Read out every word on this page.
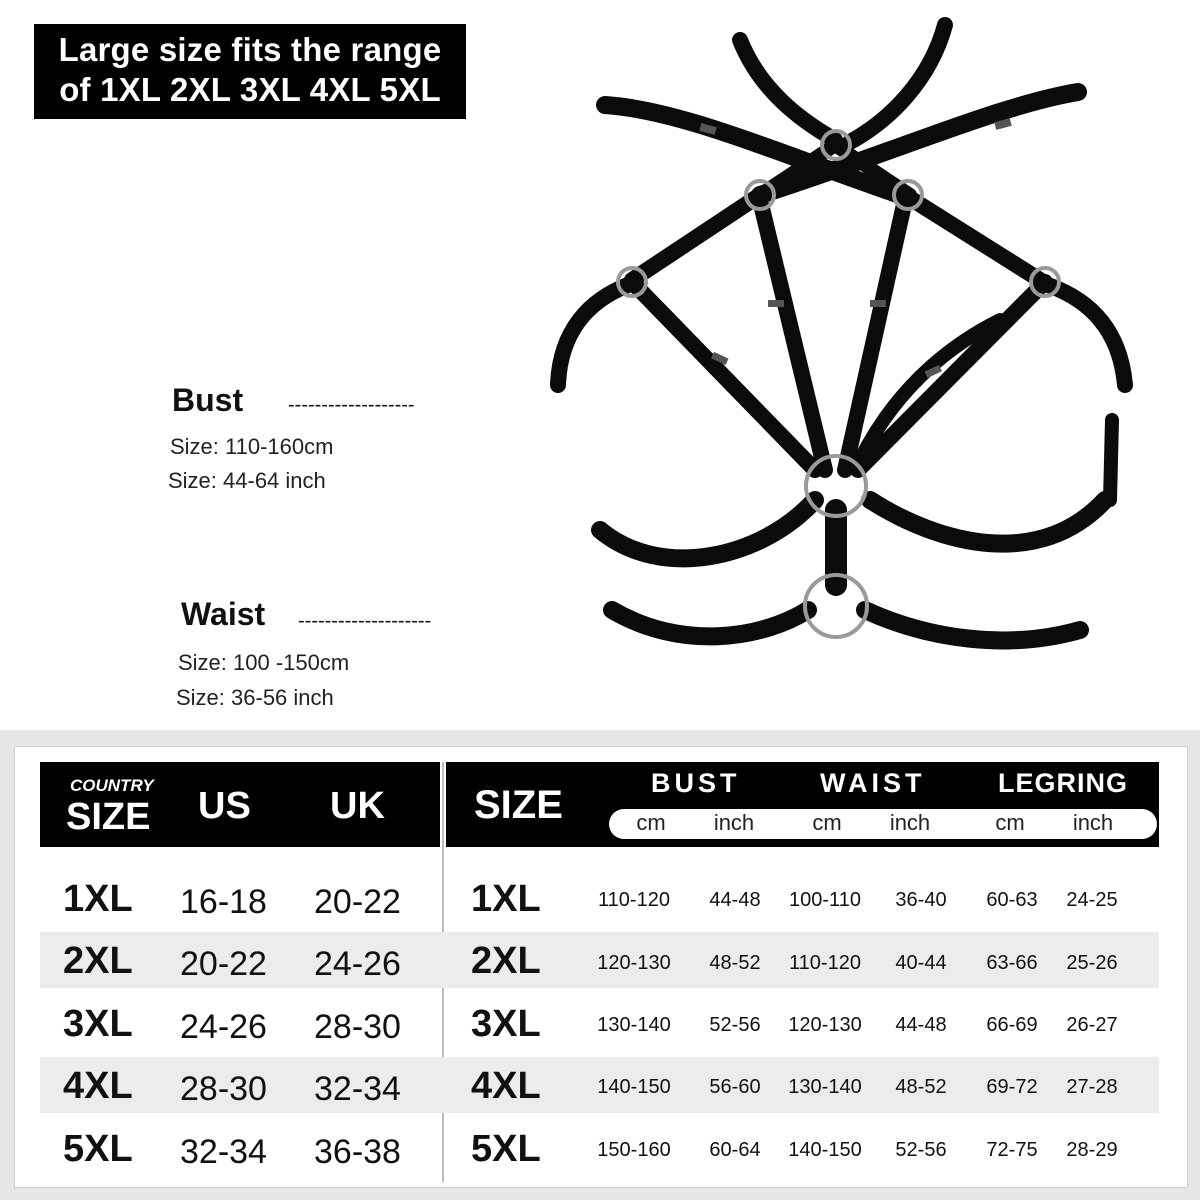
Large size fits the range
of 1XL 2XL 3XL 4XL 5XL
Bust -------------------
Size: 110-160cm
Size: 44-64 inch
Waist --------------------
Size: 100 -150cm
Size: 36-56 inch
COUNTRY
SIZE US UK SIZE	BUST	WAIST	LEGRING
cm	inch	cm	inch	cm	inch
1XL 16-18 20-22 1XL	110-120	44-48	100-110	36-40	60-63	24-25
2XL 20-22 24-26 2XL	120-130	48-52	110-120	40-44	63-66	25-26
3XL 24-26 28-30 3XL	130-140	52-56	120-130	44-48	66-69	26-27
4XL 28-30 32-34 4XL	140-150	56-60	130-140	48-52	69-72	27-28
5XL 32-34 36-38 5XL	150-160	60-64	140-150	52-56	72-75	28-29
